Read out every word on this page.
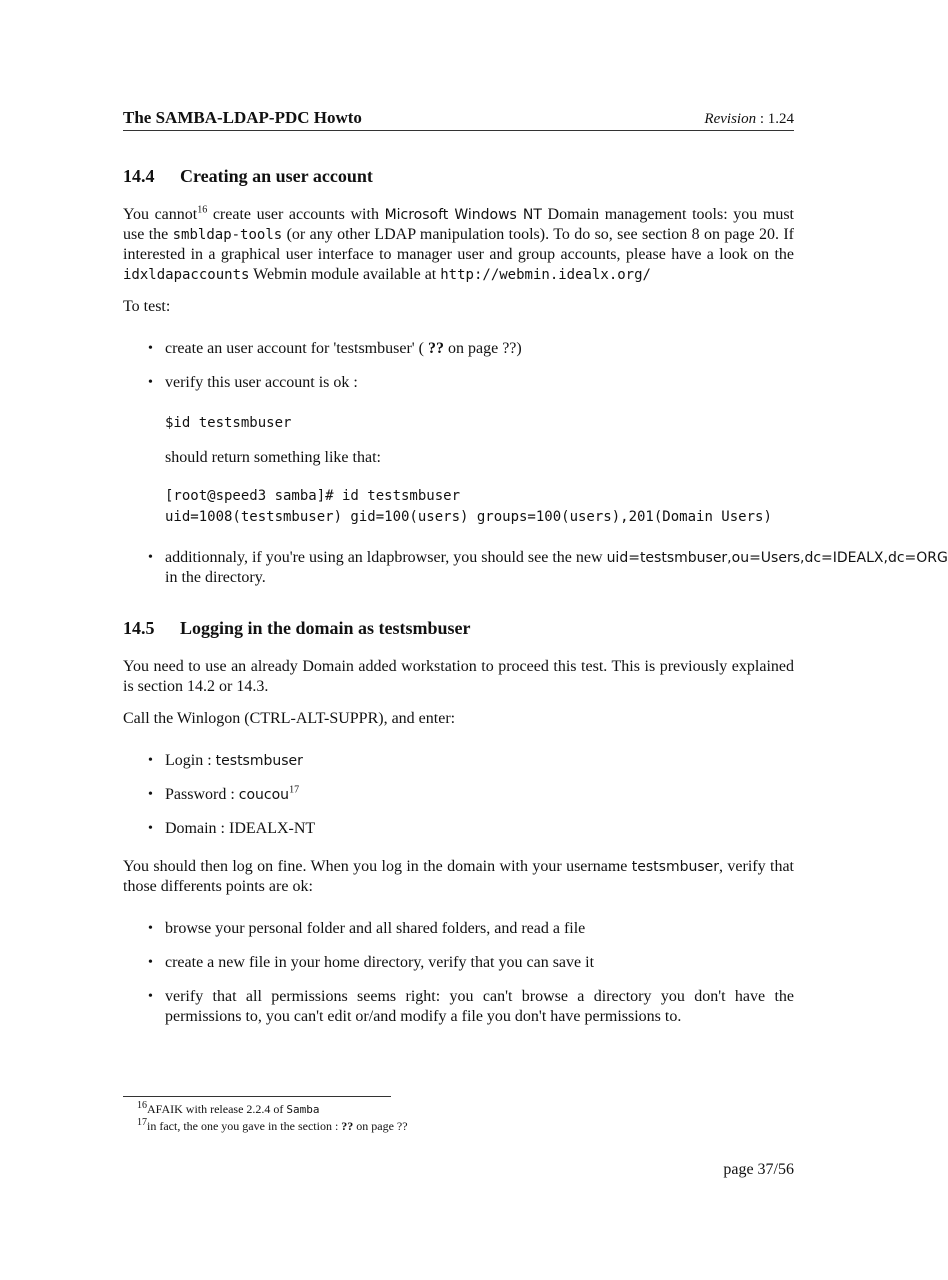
The SAMBA-LDAP-PDC Howto	Revision : 1.24
14.4 Creating an user account

You cannot$^{16}$ create user accounts with Microsoft Windows NT Domain management tools: you must use the smbldap-tools (or any other LDAP manipulation tools). To do so, see section 8 on page 20. If interested in a graphical user interface to manager user and group accounts, please have a look on the idxldapaccounts Webmin module available at http://webmin.idealx.org/

To test:

• create an user account for 'testsmbuser' ( ?? on page ??)
• verify this user account is ok :
$id testsmbuser
should return something like that:
[root@speed3 samba]# id testsmbuser
uid=1008(testsmbuser) gid=100(users) groups=100(users),201(Domain Users)
• additionnaly, if you're using an ldapbrowser, you should see the new uid=testsmbuser,ou=Users,dc=IDEALX,dc=ORG
in the directory.
14.5 Logging in the domain as testsmbuser

You need to use an already Domain added workstation to proceed this test. This is previously explained is section 14.2 or 14.3.

Call the Winlogon (CTRL-ALT-SUPPR), and enter:

• Login : testsmbuser
• Password : coucou$^{17}$
• Domain : IDEALX-NT

You should then log on fine. When you log in the domain with your username testsmbuser, verify that those differents points are ok:

• browse your personal folder and all shared folders, and read a file
• create a new file in your home directory, verify that you can save it
• verify that all permissions seems right: you can't browse a directory you don't have the permissions to, you can't edit or/and modify a file you don't have permissions to.
$^{16}$AFAIK with release 2.2.4 of Samba
$^{17}$in fact, the one you gave in the section : ?? on page ??
page 37/56
